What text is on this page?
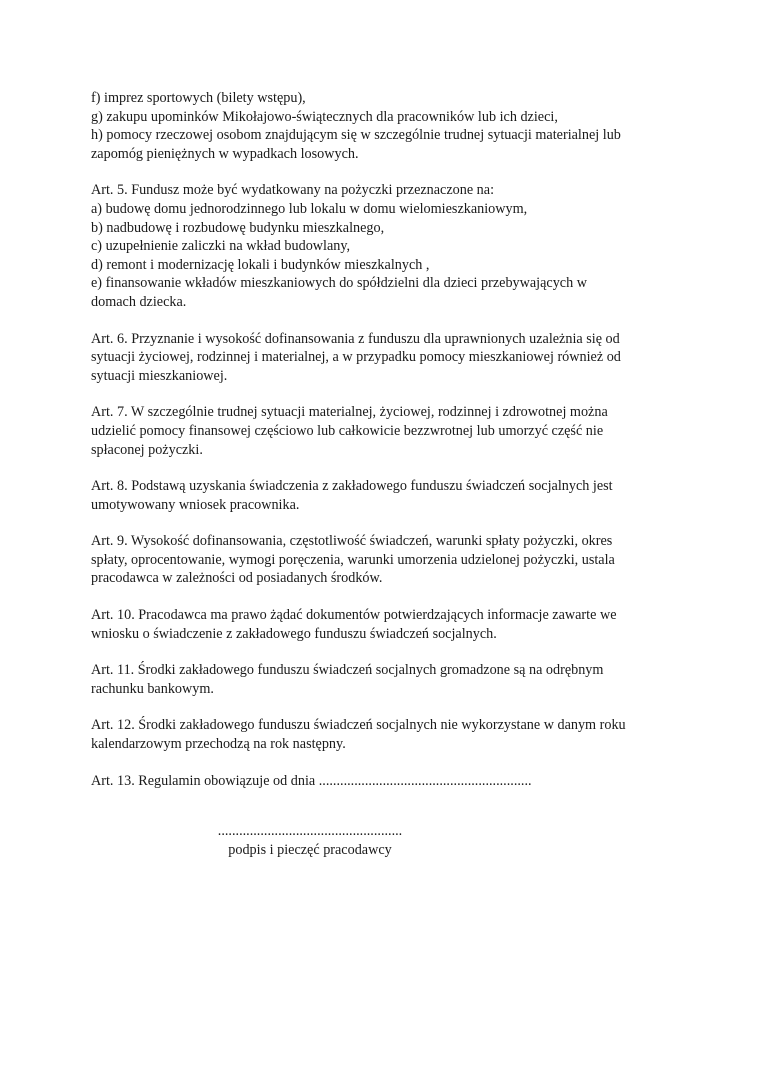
f) imprez sportowych (bilety wstępu),
g) zakupu upominków Mikołajowo-świątecznych dla pracowników lub ich dzieci,
h) pomocy rzeczowej osobom znajdującym się w szczególnie trudnej sytuacji materialnej lub
zapomóg pieniężnych w wypadkach losowych.

Art. 5. Fundusz może być wydatkowany na pożyczki przeznaczone na:
a) budowę domu jednorodzinnego lub lokalu w domu wielomieszkaniowym,
b) nadbudowę i rozbudowę budynku mieszkalnego,
c) uzupełnienie zaliczki na wkład budowlany,
d) remont i modernizację lokali i budynków mieszkalnych ,
e) finansowanie wkładów mieszkaniowych do spółdzielni dla dzieci przebywających w
domach dziecka.

Art. 6. Przyznanie i wysokość dofinansowania z funduszu dla uprawnionych uzależnia się od
sytuacji życiowej, rodzinnej i materialnej, a w przypadku pomocy mieszkaniowej również od
sytuacji mieszkaniowej.

Art. 7. W szczególnie trudnej sytuacji materialnej, życiowej, rodzinnej i zdrowotnej można
udzielić pomocy finansowej częściowo lub całkowicie bezzwrotnej lub umorzyć część nie
spłaconej pożyczki.

Art. 8. Podstawą uzyskania świadczenia z zakładowego funduszu świadczeń socjalnych jest
umotywowany wniosek pracownika.

Art. 9. Wysokość dofinansowania, częstotliwość świadczeń, warunki spłaty pożyczki, okres
spłaty, oprocentowanie, wymogi poręczenia, warunki umorzenia udzielonej pożyczki, ustala
pracodawca w zależności od posiadanych środków.

Art. 10. Pracodawca ma prawo żądać dokumentów potwierdzających informacje zawarte we
wniosku o świadczenie z zakładowego funduszu świadczeń socjalnych.

Art. 11. Środki zakładowego funduszu świadczeń socjalnych gromadzone są na odrębnym
rachunku bankowym.

Art. 12. Środki zakładowego funduszu świadczeń socjalnych nie wykorzystane w danym roku
kalendarzowym przechodzą na rok następny.

Art. 13. Regulamin obowiązuje od dnia ............................................................

....................................................
podpis i pieczęć pracodawcy
